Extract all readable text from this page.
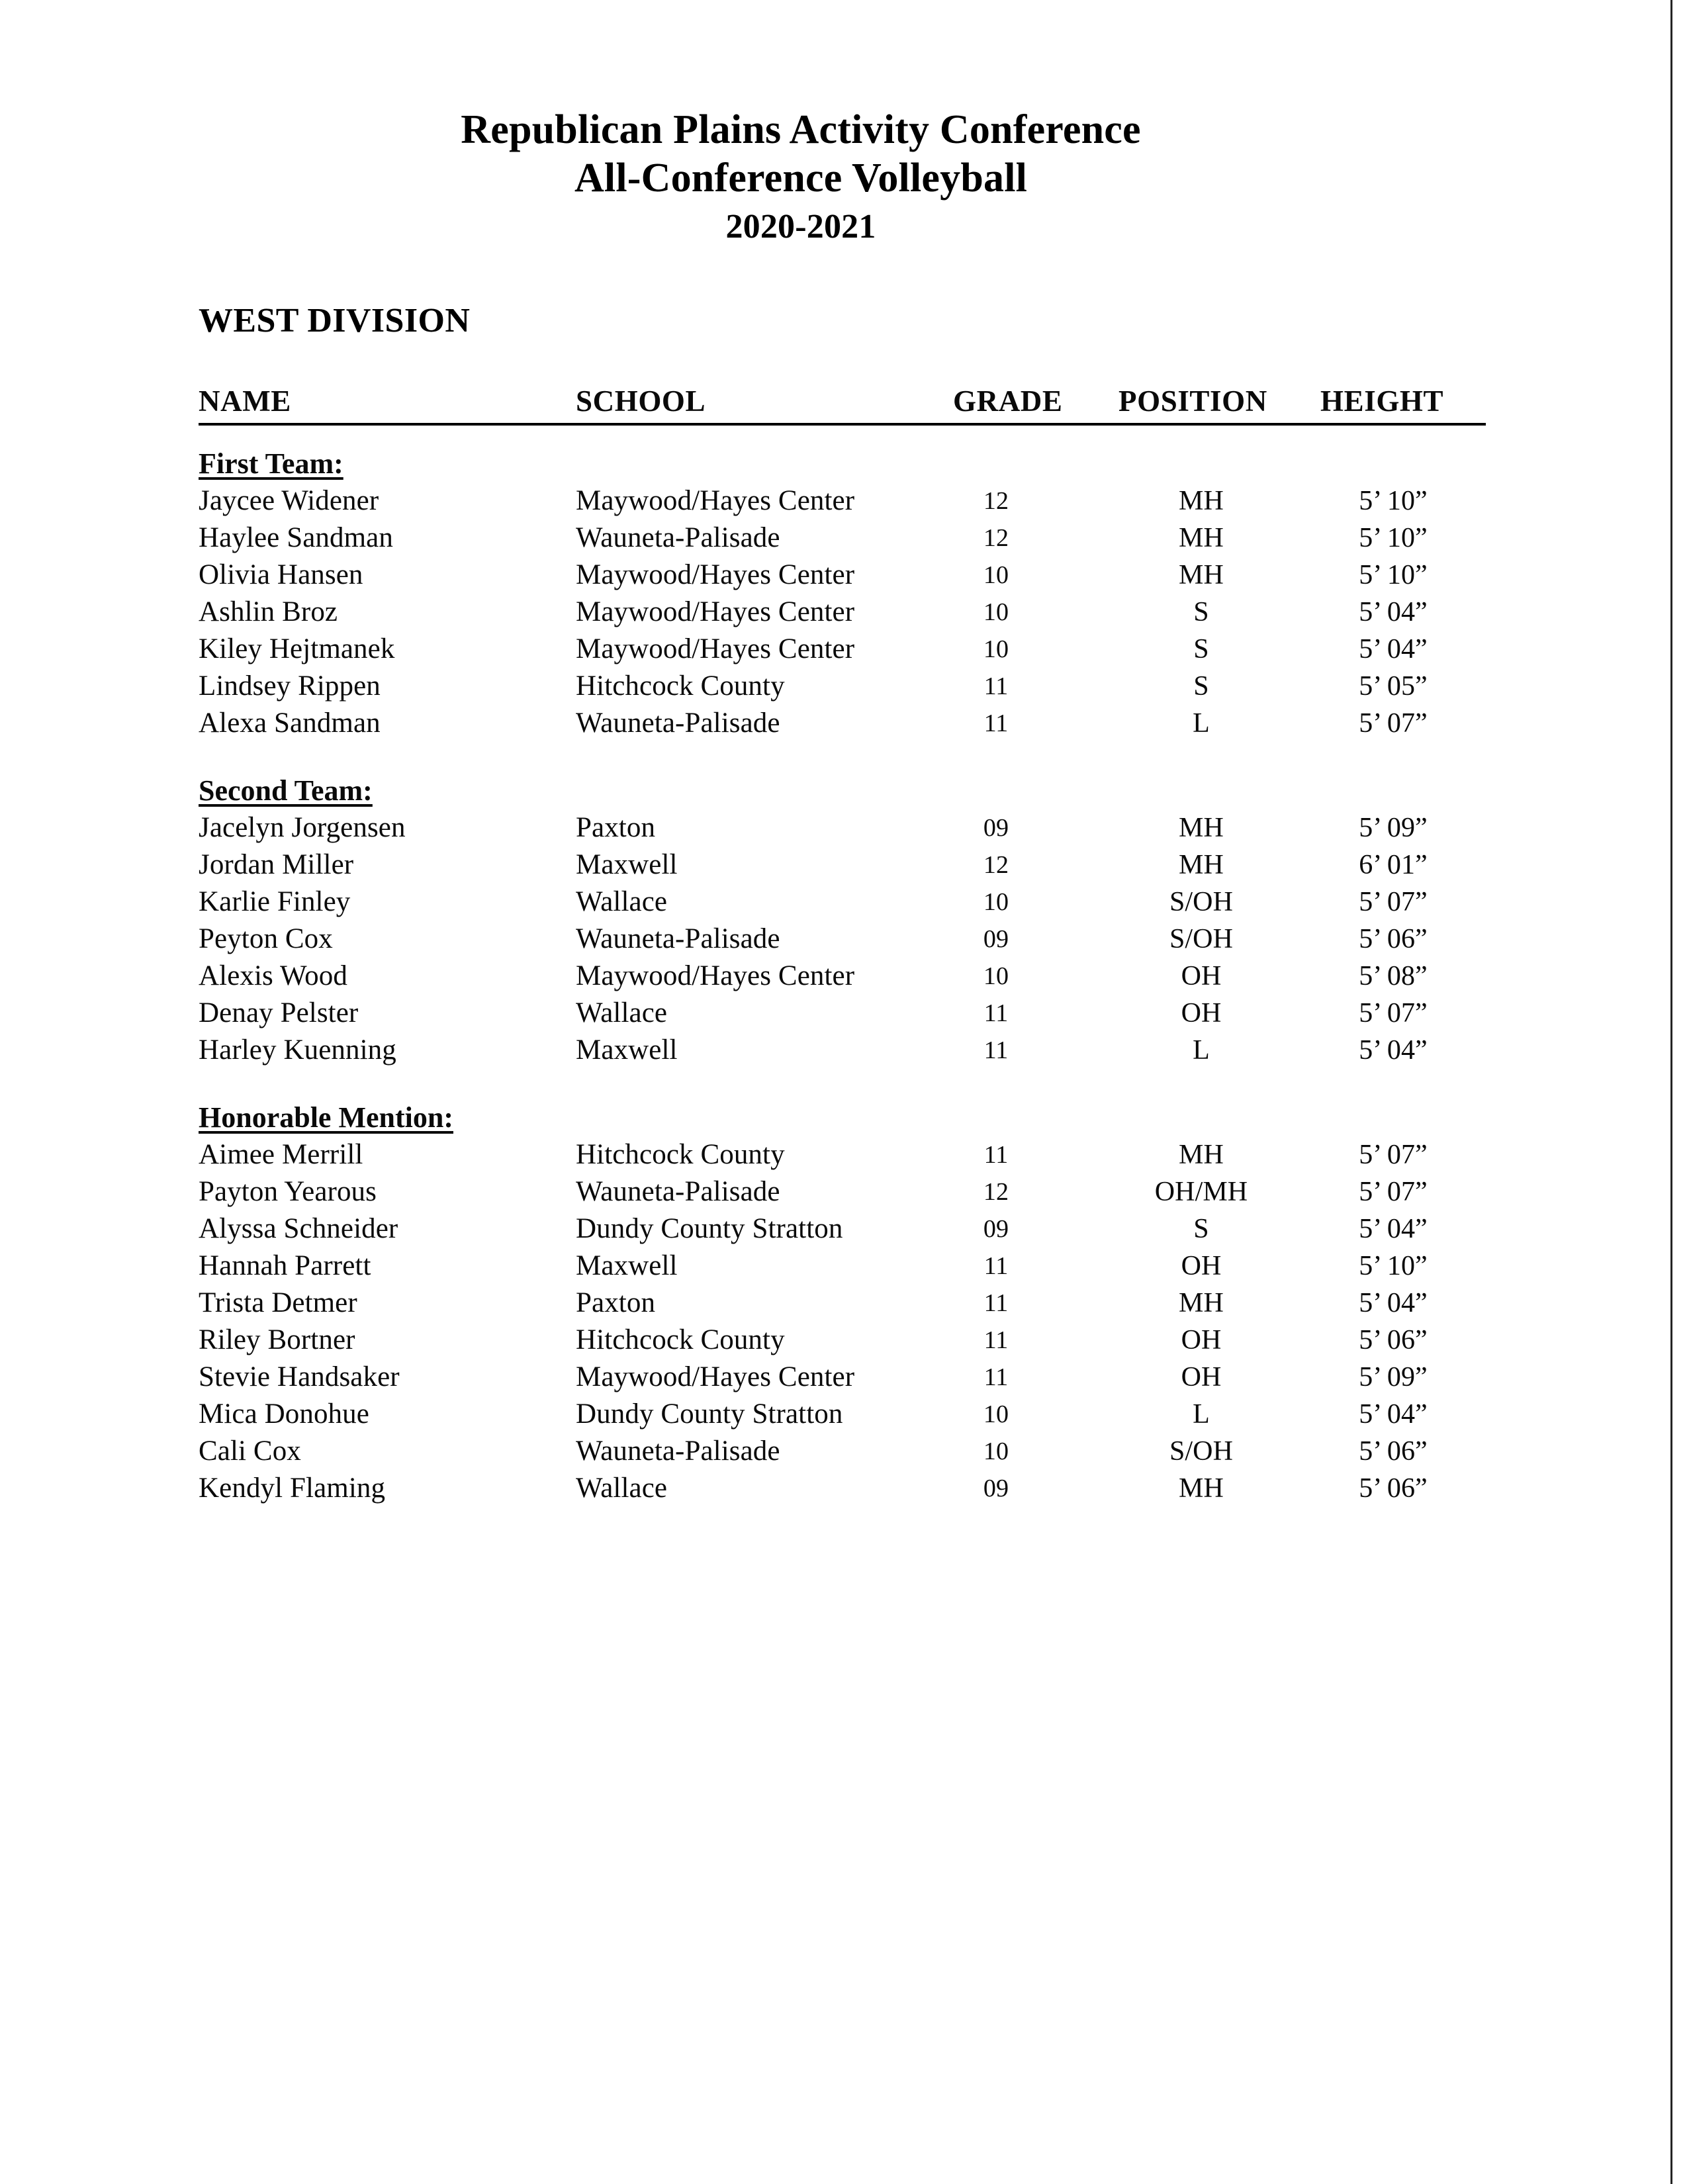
Republican Plains Activity Conference
All-Conference Volleyball
2020-2021
WEST DIVISION
NAME	SCHOOL	GRADE POSITION HEIGHT
First Team:
Jaycee Widener	Maywood/Hayes Center	12	MH	5’ 10”
Haylee Sandman	Wauneta-Palisade	12	MH	5’ 10”
Olivia Hansen	Maywood/Hayes Center	10	MH	5’ 10”
Ashlin Broz	Maywood/Hayes Center	10	S	5’ 04”
Kiley Hejtmanek	Maywood/Hayes Center	10	S	5’ 04”
Lindsey Rippen	Hitchcock County	11	S	5’ 05”
Alexa Sandman	Wauneta-Palisade	11	L	5’ 07”
Second Team:
Jacelyn Jorgensen	Paxton	09	MH	5’ 09”
Jordan Miller	Maxwell	12	MH	6’ 01”
Karlie Finley	Wallace	10	S/OH	5’ 07”
Peyton Cox	Wauneta-Palisade	09	S/OH	5’ 06”
Alexis Wood	Maywood/Hayes Center	10	OH	5’ 08”
Denay Pelster	Wallace	11	OH	5’ 07”
Harley Kuenning	Maxwell	11	L	5’ 04”
Honorable Mention:
Aimee Merrill	Hitchcock County	11	MH	5’ 07”
Payton Yearous	Wauneta-Palisade	12	OH/MH	5’ 07”
Alyssa Schneider	Dundy County Stratton	09	S	5’ 04”
Hannah Parrett	Maxwell	11	OH	5’ 10”
Trista Detmer	Paxton	11	MH	5’ 04”
Riley Bortner	Hitchcock County	11	OH	5’ 06”
Stevie Handsaker	Maywood/Hayes Center	11	OH	5’ 09”
Mica Donohue	Dundy County Stratton	10	L	5’ 04”
Cali Cox	Wauneta-Palisade	10	S/OH	5’ 06”
Kendyl Flaming	Wallace	09	MH	5’ 06”
